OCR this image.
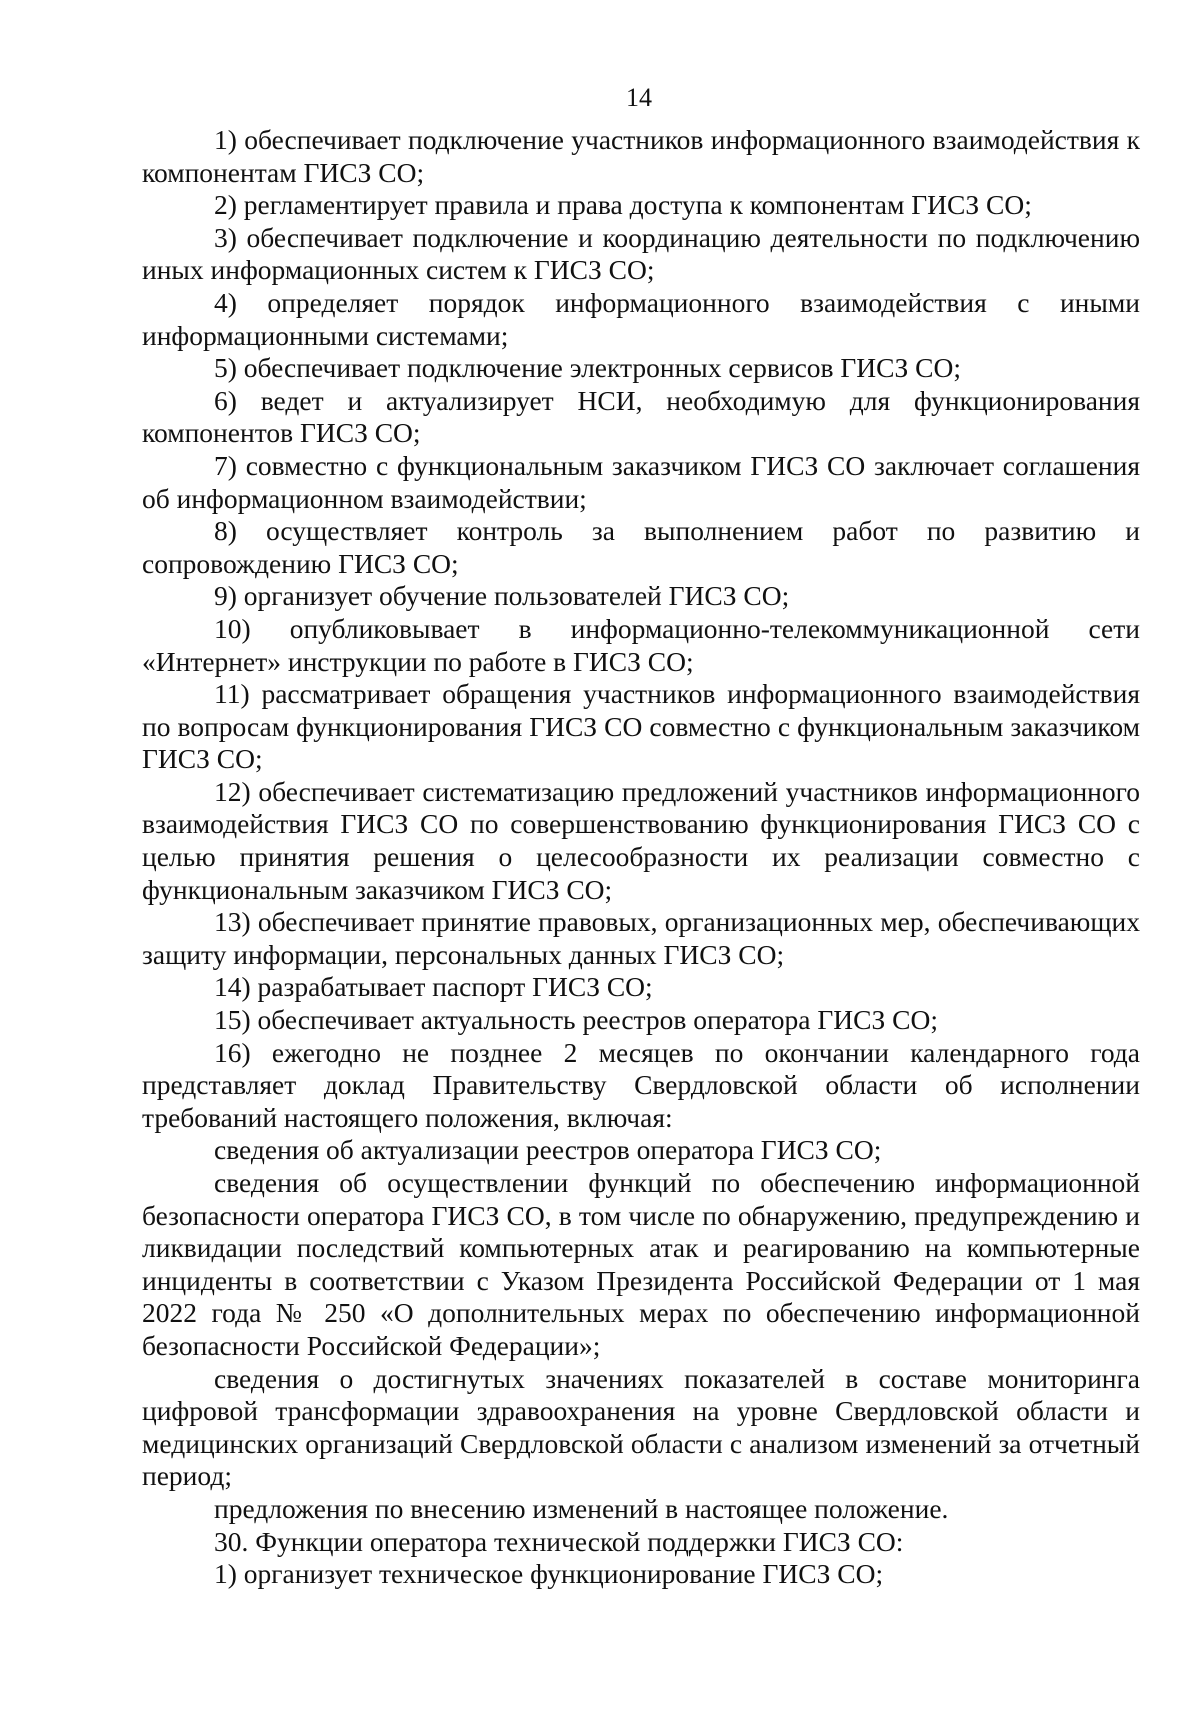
14

1) обеспечивает подключение участников информационного взаимодействия к компонентам ГИСЗ СО;

2) регламентирует правила и права доступа к компонентам ГИСЗ СО;

3) обеспечивает подключение и координацию деятельности по подключению иных информационных систем к ГИСЗ СО;

4) определяет порядок информационного взаимодействия с иными информационными системами;

5) обеспечивает подключение электронных сервисов ГИСЗ СО;

6) ведет и актуализирует НСИ, необходимую для функционирования компонентов ГИСЗ СО;

7) совместно с функциональным заказчиком ГИСЗ СО заключает соглашения об информационном взаимодействии;

8) осуществляет контроль за выполнением работ по развитию и сопровождению ГИСЗ СО;

9) организует обучение пользователей ГИСЗ СО;

10) опубликовывает в информационно-телекоммуникационной сети «Интернет» инструкции по работе в ГИСЗ СО;

11) рассматривает обращения участников информационного взаимодействия по вопросам функционирования ГИСЗ СО совместно с функциональным заказчиком ГИСЗ СО;

12) обеспечивает систематизацию предложений участников информационного взаимодействия ГИСЗ СО по совершенствованию функционирования ГИСЗ СО с целью принятия решения о целесообразности их реализации совместно с функциональным заказчиком ГИСЗ СО;

13) обеспечивает принятие правовых, организационных мер, обеспечивающих защиту информации, персональных данных ГИСЗ СО;

14) разрабатывает паспорт ГИСЗ СО;

15) обеспечивает актуальность реестров оператора ГИСЗ СО;

16) ежегодно не позднее 2 месяцев по окончании календарного года представляет доклад Правительству Свердловской области об исполнении требований настоящего положения, включая:

сведения об актуализации реестров оператора ГИСЗ СО;

сведения об осуществлении функций по обеспечению информационной безопасности оператора ГИСЗ СО, в том числе по обнаружению, предупреждению и ликвидации последствий компьютерных атак и реагированию на компьютерные инциденты в соответствии с Указом Президента Российской Федерации от 1 мая 2022 года № 250 «О дополнительных мерах по обеспечению информационной безопасности Российской Федерации»;

сведения о достигнутых значениях показателей в составе мониторинга цифровой трансформации здравоохранения на уровне Свердловской области и медицинских организаций Свердловской области с анализом изменений за отчетный период;

предложения по внесению изменений в настоящее положение.

30. Функции оператора технической поддержки ГИСЗ СО:

1) организует техническое функционирование ГИСЗ СО;
